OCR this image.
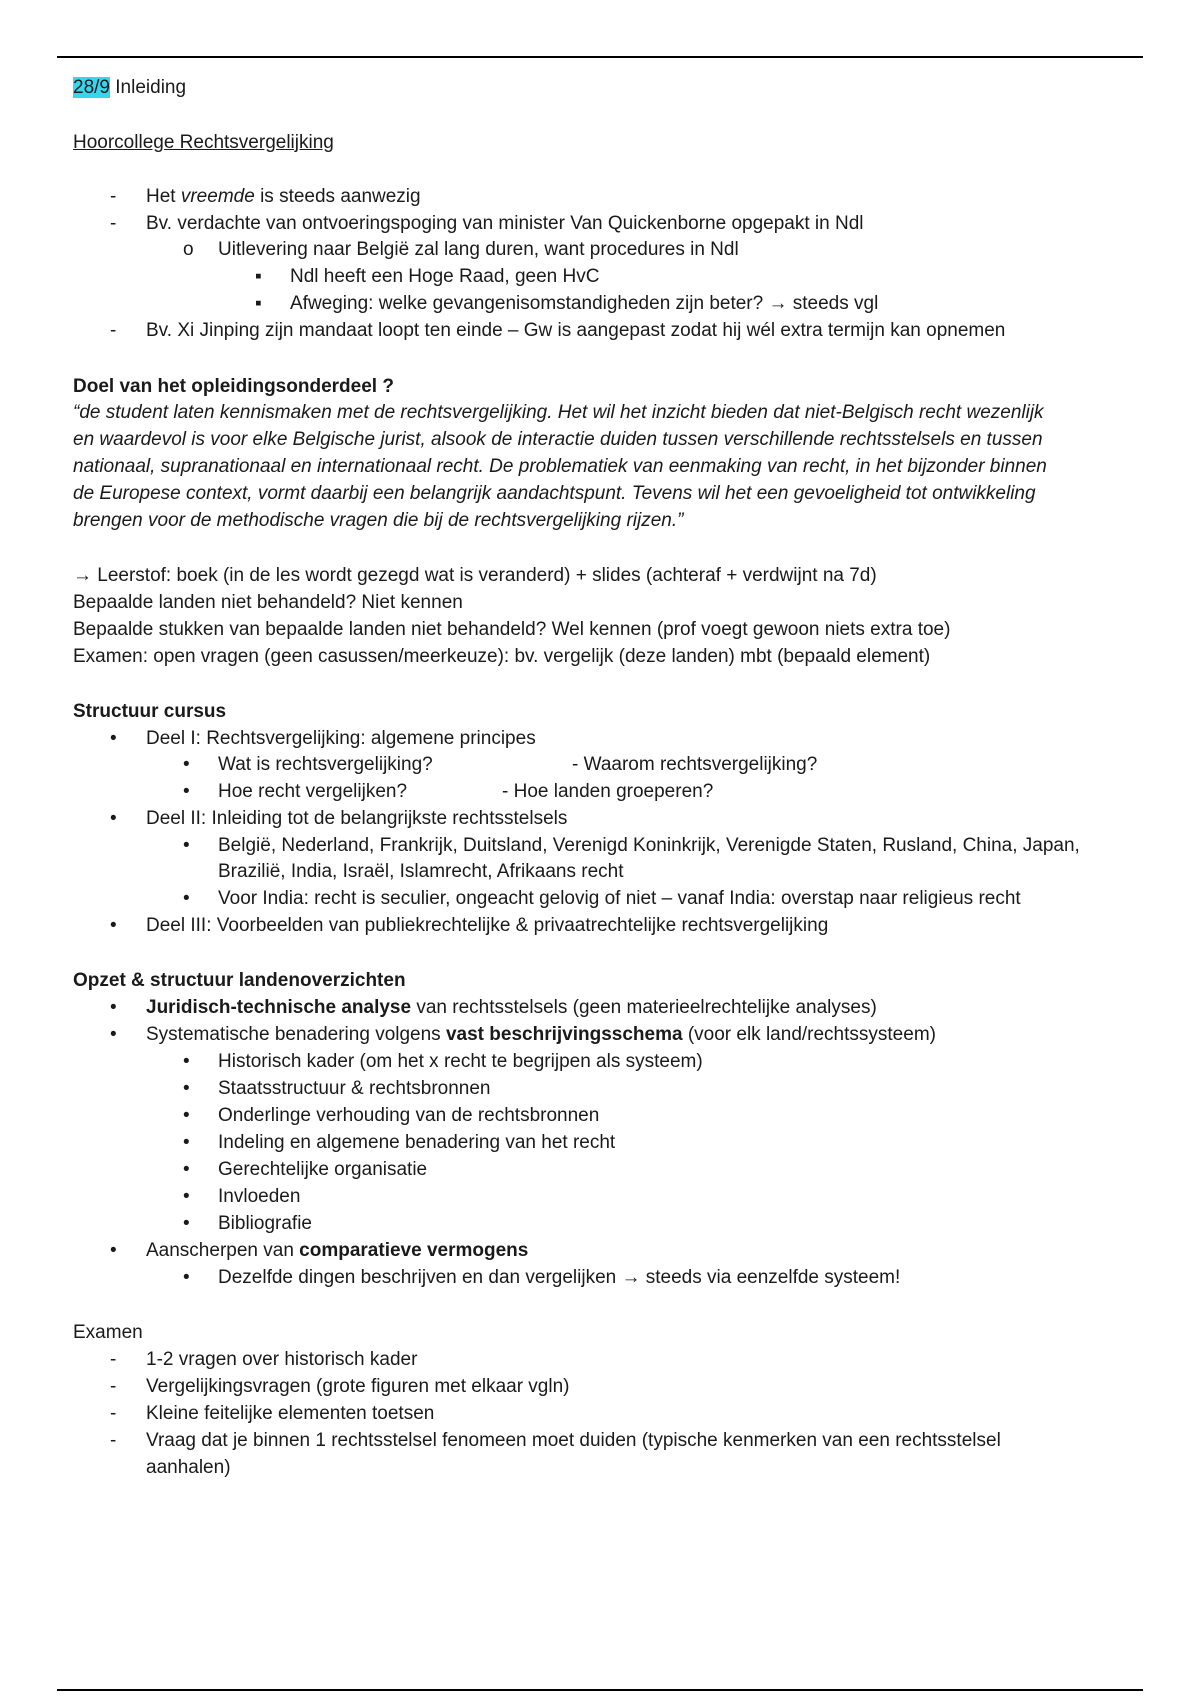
28/9 Inleiding
Hoorcollege Rechtsvergelijking
- Het vreemde is steeds aanwezig
- Bv. verdachte van ontvoeringspoging van minister Van Quickenborne opgepakt in Ndl
o Uitlevering naar België zal lang duren, want procedures in Ndl
▪ Ndl heeft een Hoge Raad, geen HvC
▪ Afweging: welke gevangenisomstandigheden zijn beter? → steeds vgl
- Bv. Xi Jinping zijn mandaat loopt ten einde – Gw is aangepast zodat hij wél extra termijn kan opnemen
Doel van het opleidingsonderdeel ?
“de student laten kennismaken met de rechtsvergelijking. Het wil het inzicht bieden dat niet-Belgisch recht wezenlijk
en waardevol is voor elke Belgische jurist, alsook de interactie duiden tussen verschillende rechtsstelsels en tussen
nationaal, supranationaal en internationaal recht. De problematiek van eenmaking van recht, in het bijzonder binnen
de Europese context, vormt daarbij een belangrijk aandachtspunt. Tevens wil het een gevoeligheid tot ontwikkeling
brengen voor de methodische vragen die bij de rechtsvergelijking rijzen.”
→ Leerstof: boek (in de les wordt gezegd wat is veranderd) + slides (achteraf + verdwijnt na 7d)
Bepaalde landen niet behandeld? Niet kennen
Bepaalde stukken van bepaalde landen niet behandeld? Wel kennen (prof voegt gewoon niets extra toe)
Examen: open vragen (geen casussen/meerkeuze): bv. vergelijk (deze landen) mbt (bepaald element)
Structuur cursus
• Deel I: Rechtsvergelijking: algemene principes
• Wat is rechtsvergelijking?	- Waarom rechtsvergelijking?
• Hoe recht vergelijken?	- Hoe landen groeperen?
• Deel II: Inleiding tot de belangrijkste rechtsstelsels
• België, Nederland, Frankrijk, Duitsland, Verenigd Koninkrijk, Verenigde Staten, Rusland, China, Japan,
Brazilië, India, Israël, Islamrecht, Afrikaans recht
• Voor India: recht is seculier, ongeacht gelovig of niet – vanaf India: overstap naar religieus recht
• Deel III: Voorbeelden van publiekrechtelijke & privaatrechtelijke rechtsvergelijking
Opzet & structuur landenoverzichten
• Juridisch-technische analyse van rechtsstelsels (geen materieelrechtelijke analyses)
• Systematische benadering volgens vast beschrijvingsschema (voor elk land/rechtssysteem)
• Historisch kader (om het x recht te begrijpen als systeem)
• Staatsstructuur & rechtsbronnen
• Onderlinge verhouding van de rechtsbronnen
• Indeling en algemene benadering van het recht
• Gerechtelijke organisatie
• Invloeden
• Bibliografie
• Aanscherpen van comparatieve vermogens
• Dezelfde dingen beschrijven en dan vergelijken → steeds via eenzelfde systeem!
Examen
- 1-2 vragen over historisch kader
- Vergelijkingsvragen (grote figuren met elkaar vgln)
- Kleine feitelijke elementen toetsen
- Vraag dat je binnen 1 rechtsstelsel fenomeen moet duiden (typische kenmerken van een rechtsstelsel
aanhalen)
